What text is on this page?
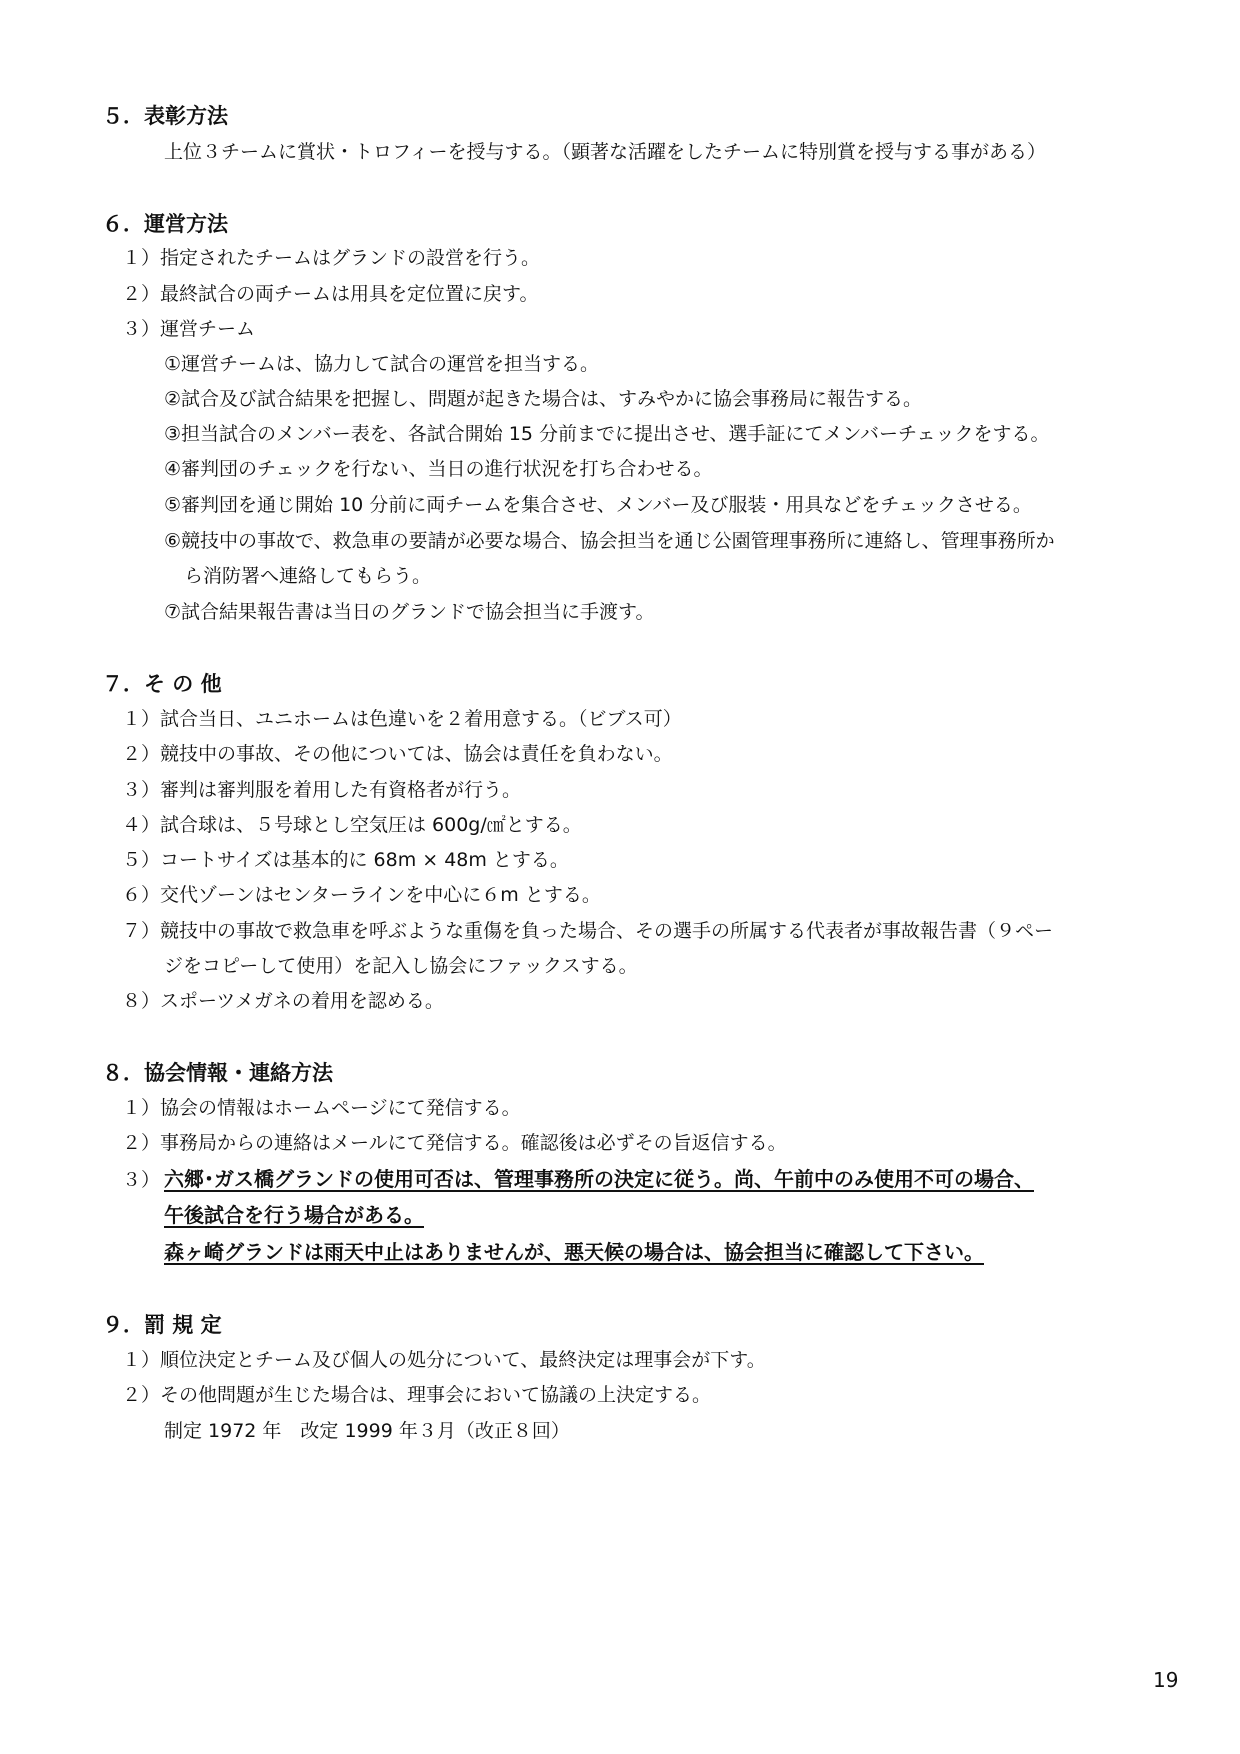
５．表彰方法
上位３チームに賞状・トロフィーを授与する。（顕著な活躍をしたチームに特別賞を授与する事がある）
６．運営方法
１）指定されたチームはグランドの設営を行う。
２）最終試合の両チームは用具を定位置に戻す。
３）運営チーム
①運営チームは、協力して試合の運営を担当する。
②試合及び試合結果を把握し、問題が起きた場合は、すみやかに協会事務局に報告する。
③担当試合のメンバー表を、各試合開始 15 分前までに提出させ、選手証にてメンバーチェックをする。
④審判団のチェックを行ない、当日の進行状況を打ち合わせる。
⑤審判団を通じ開始 10 分前に両チームを集合させ、メンバー及び服装・用具などをチェックさせる。
⑥競技中の事故で、救急車の要請が必要な場合、協会担当を通じ公園管理事務所に連絡し、管理事務所か
ら消防署へ連絡してもらう。
⑦試合結果報告書は当日のグランドで協会担当に手渡す。
７．そ の 他
１）試合当日、ユニホームは色違いを２着用意する。（ビブス可）
２）競技中の事故、その他については、協会は責任を負わない。
３）審判は審判服を着用した有資格者が行う。
４）試合球は、５号球とし空気圧は 600g/㎠とする。
５）コートサイズは基本的に 68m × 48m とする。
６）交代ゾーンはセンターラインを中心に６m とする。
７）競技中の事故で救急車を呼ぶような重傷を負った場合、その選手の所属する代表者が事故報告書（９ペー
ジをコピーして使用）を記入し協会にファックスする。
８）スポーツメガネの着用を認める。
８．協会情報・連絡方法
１）協会の情報はホームページにて発信する。
２）事務局からの連絡はメールにて発信する。確認後は必ずその旨返信する。
３） 六郷･ガス橋グランドの使用可否は、管理事務所の決定に従う。尚、午前中のみ使用不可の場合、
午後試合を行う場合がある。
森ヶ崎グランドは雨天中止はありませんが、悪天候の場合は、協会担当に確認して下さい。
９．罰 規 定
１）順位決定とチーム及び個人の処分について、最終決定は理事会が下す。
２）その他問題が生じた場合は、理事会において協議の上決定する。
制定 1972 年　改定 1999 年３月（改正８回）
19
